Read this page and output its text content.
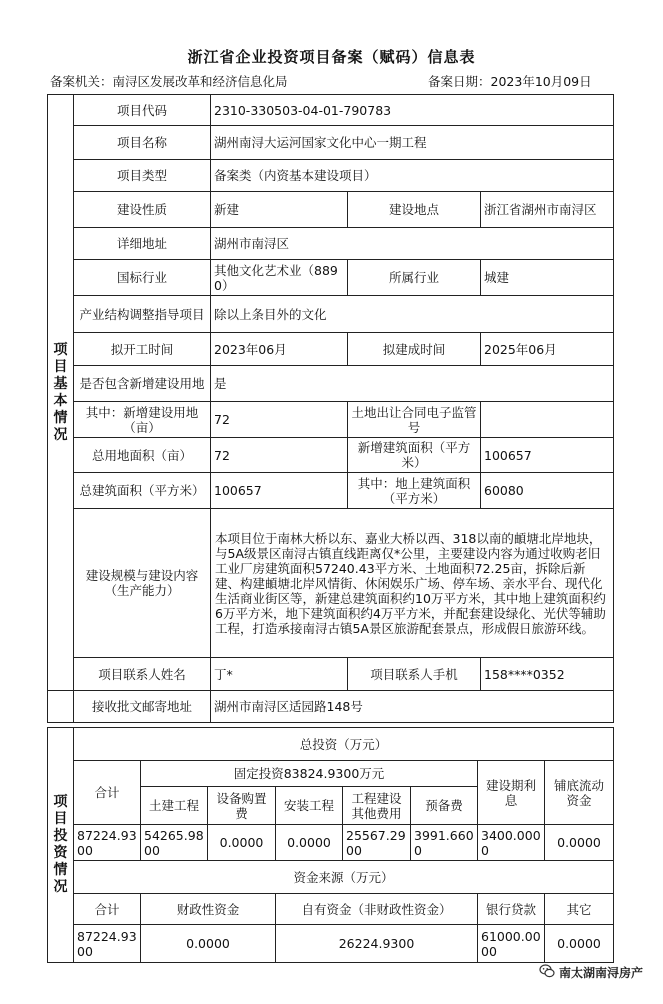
浙江省企业投资项目备案（赋码）信息表
备案机关：南浔区发展改革和经济信息化局	备案日期：2023年10月09日
项目基本情况	项目代码	2310-330503-04-01-790783		
	项目名称	湖州南浔大运河国家文化中心一期工程		
	项目类型	备案类（内资基本建设项目）		
	建设性质	新建	建设地点	浙江省湖州市南浔区
	详细地址	湖州市南浔区		
	国标行业	其他文化艺术业（8890）	所属行业	城建
	产业结构调整指导项目	除以上条目外的文化		
	拟开工时间	2023年06月	拟建成时间	2025年06月
	是否包含新增建设用地	是		
	其中：新增建设用地（亩）	72	土地出让合同电子监管号	
	总用地面积（亩）	72	新增建筑面积（平方米）	100657
	总建筑面积（平方米）	100657	其中：地上建筑面积（平方米）	60080
	建设规模与建设内容（生产能力）	本项目位于南林大桥以东、嘉业大桥以西、318以南的頔塘北岸地块，与5A级景区南浔古镇直线距离仅*公里，主要建设内容为通过收购老旧工业厂房建筑面积57240.43平方米、土地面积72.25亩，拆除后新建、构建頔塘北岸风情街、休闲娱乐广场、停车场、亲水平台、现代化生活商业街区等，新建总建筑面积约10万平方米，其中地上建筑面积约6万平方米，地下建筑面积约4万平方米，并配套建设绿化、光伏等辅助工程，打造承接南浔古镇5A景区旅游配套景点，形成假日旅游环线。		
	项目联系人姓名	丁*	项目联系人手机	158****0352
	接收批文邮寄地址	湖州市南浔区适园路148号		
项目投资情况	总投资（万元）							
	合计	固定投资83824.9300万元					建设期利息	铺底流动资金
		土建工程	设备购置费	安装工程	工程建设其他费用	预备费		
	87224.9300	54265.9800	0.0000	0.0000	25567.2900	3991.6600	3400.0000	0.0000
	资金来源（万元）							
	合计	财政性资金		自有资金（非财政性资金）			银行贷款	其它
	87224.9300	0.0000		26224.9300			61000.0000	0.0000
南太湖南浔房产
